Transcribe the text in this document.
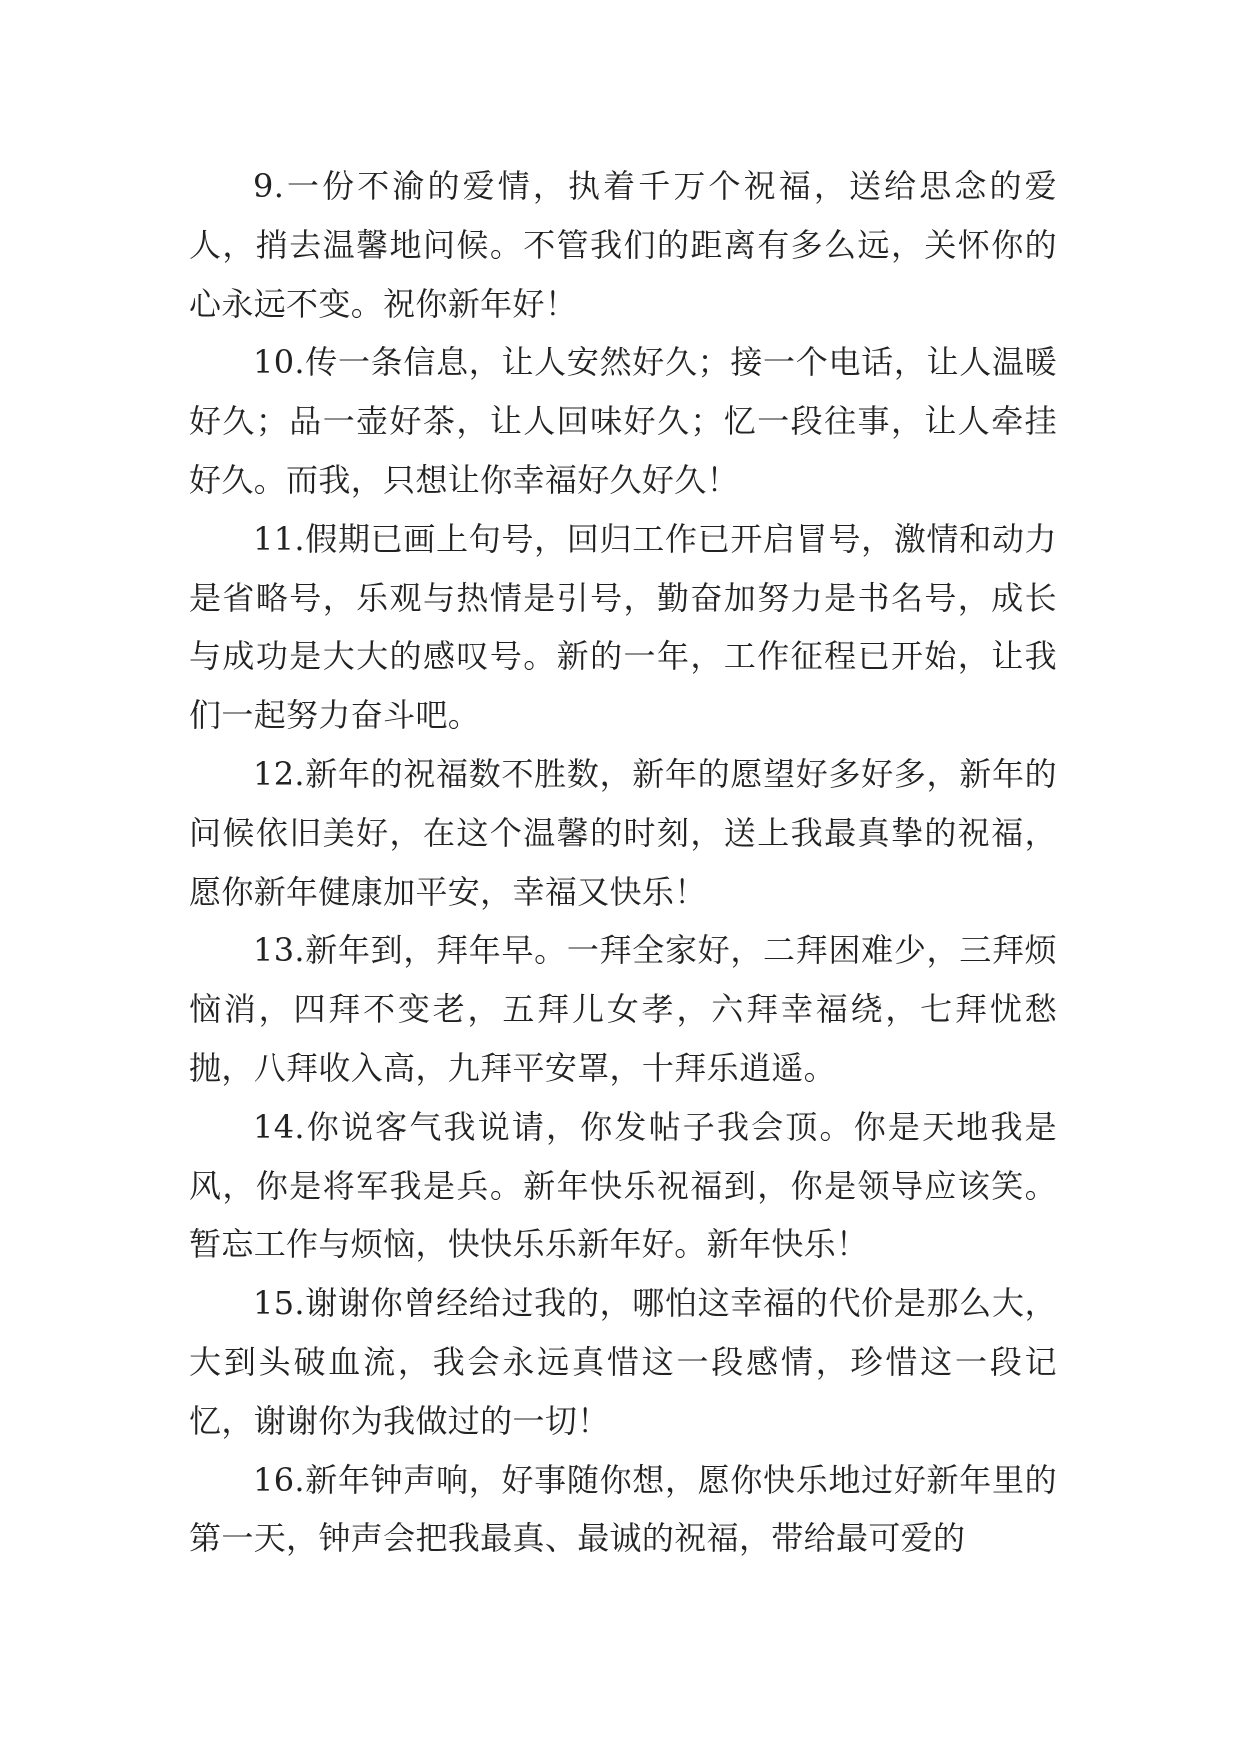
9.一份不渝的爱情，执着千万个祝福，送给思念的爱人，捎去温馨地问候。不管我们的距离有多么远，关怀你的心永远不变。祝你新年好！

10.传一条信息，让人安然好久；接一个电话，让人温暖好久；品一壶好茶，让人回味好久；忆一段往事，让人牵挂好久。而我，只想让你幸福好久好久！

11.假期已画上句号，回归工作已开启冒号，激情和动力是省略号，乐观与热情是引号，勤奋加努力是书名号，成长与成功是大大的感叹号。新的一年，工作征程已开始，让我们一起努力奋斗吧。

12.新年的祝福数不胜数，新年的愿望好多好多，新年的问候依旧美好，在这个温馨的时刻，送上我最真挚的祝福，愿你新年健康加平安，幸福又快乐！

13.新年到，拜年早。一拜全家好，二拜困难少，三拜烦恼消，四拜不变老，五拜儿女孝，六拜幸福绕，七拜忧愁抛，八拜收入高，九拜平安罩，十拜乐逍遥。

14.你说客气我说请，你发帖子我会顶。你是天地我是风，你是将军我是兵。新年快乐祝福到，你是领导应该笑。暂忘工作与烦恼，快快乐乐新年好。新年快乐！

15.谢谢你曾经给过我的，哪怕这幸福的代价是那么大，大到头破血流，我会永远真惜这一段感情，珍惜这一段记忆，谢谢你为我做过的一切！

16.新年钟声响，好事随你想，愿你快乐地过好新年里的第一天，钟声会把我最真、最诚的祝福，带给最可爱的
